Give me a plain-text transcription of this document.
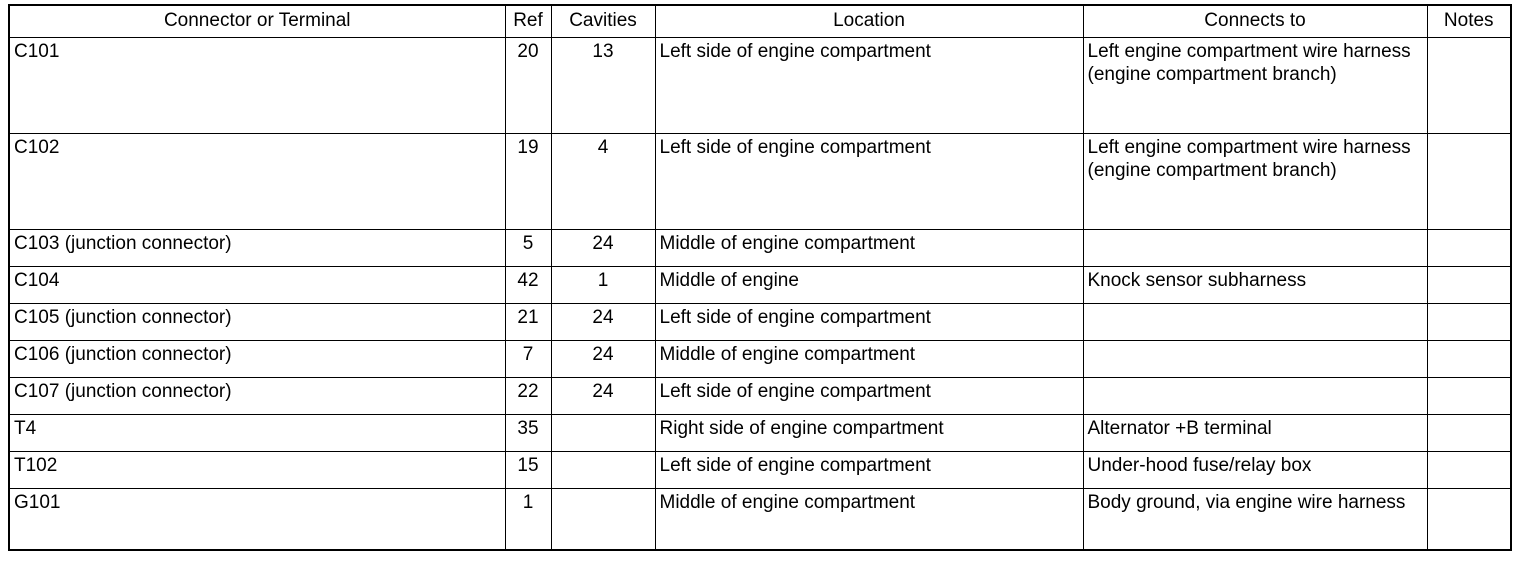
Connector or Terminal	Ref	Cavities	Location	Connects to	Notes
C101	20	13	Left side of engine compartment	Left engine compartment wire harness (engine compartment branch)	
C102	19	4	Left side of engine compartment	Left engine compartment wire harness (engine compartment branch)	
C103 (junction connector)	5	24	Middle of engine compartment		
C104	42	1	Middle of engine	Knock sensor subharness	
C105 (junction connector)	21	24	Left side of engine compartment		
C106 (junction connector)	7	24	Middle of engine compartment		
C107 (junction connector)	22	24	Left side of engine compartment		
T4	35		Right side of engine compartment	Alternator +B terminal	
T102	15		Left side of engine compartment	Under-hood fuse/relay box	
G101	1		Middle of engine compartment	Body ground, via engine wire harness	
